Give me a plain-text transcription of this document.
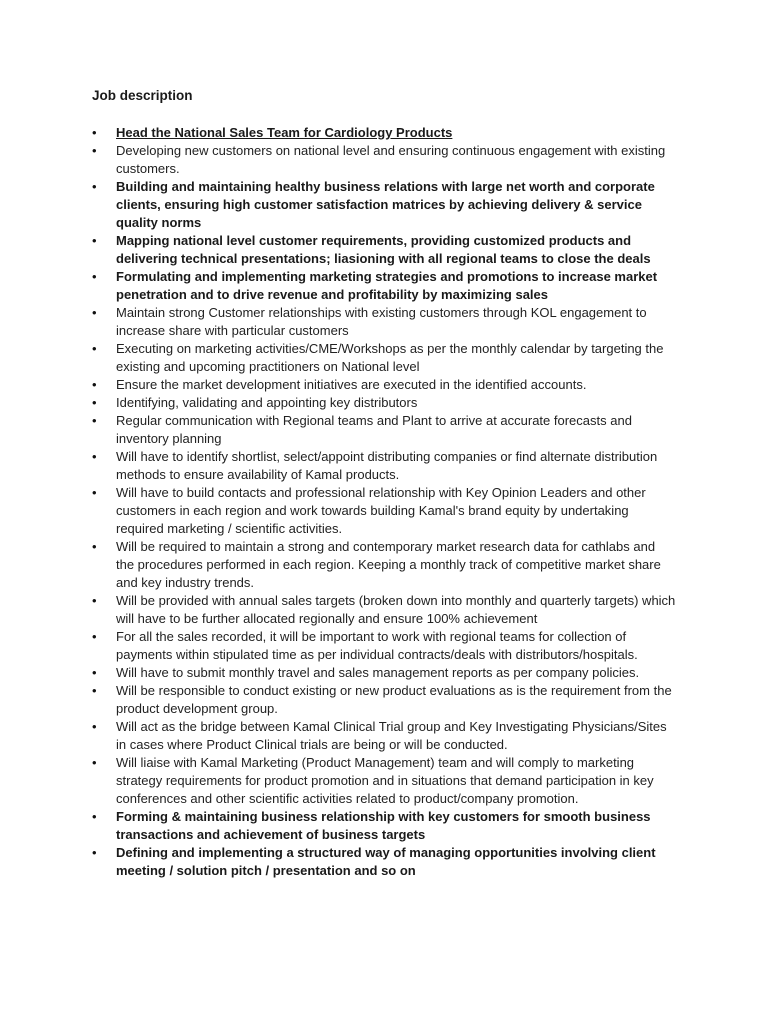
Job description
•	Head the National Sales Team for Cardiology Products
•	Developing new customers on national level and ensuring continuous engagement with existing customers.
•	Building and maintaining healthy business relations with large net worth and corporate clients, ensuring high customer satisfaction matrices by achieving delivery & service quality norms
•	Mapping national level customer requirements, providing customized products and delivering technical presentations; liasioning with all regional teams to close the deals
•	Formulating and implementing marketing strategies and promotions to increase market penetration and to drive revenue and profitability by maximizing sales
•	Maintain strong Customer relationships with existing customers through KOL engagement to increase share with particular customers
•	Executing on marketing activities/CME/Workshops as per the monthly calendar by targeting the existing and upcoming practitioners on National level
•	Ensure the market development initiatives are executed in the identified accounts.
•	Identifying, validating and appointing key distributors
•	Regular communication with Regional teams and Plant to arrive at accurate forecasts and inventory planning
•	Will have to identify shortlist, select/appoint distributing companies or find alternate distribution methods to ensure availability of Kamal products.
•	Will have to build contacts and professional relationship with Key Opinion Leaders and other customers in each region and work towards building Kamal's brand equity by undertaking required marketing / scientific activities.
•	Will be required to maintain a strong and contemporary market research data for cathlabs and the procedures performed in each region. Keeping a monthly track of competitive market share and key industry trends.
•	Will be provided with annual sales targets (broken down into monthly and quarterly targets) which will have to be further allocated regionally and ensure 100% achievement
•	For all the sales recorded, it will be important to work with regional teams for collection of payments within stipulated time as per individual contracts/deals with distributors/hospitals.
•	Will have to submit monthly travel and sales management reports as per company policies.
•	Will be responsible to conduct existing or new product evaluations as is the requirement from the product development group.
•	Will act as the bridge between Kamal Clinical Trial group and Key Investigating Physicians/Sites in cases where Product Clinical trials are being or will be conducted.
•	Will liaise with Kamal Marketing (Product Management) team and will comply to marketing strategy requirements for product promotion and in situations that demand participation in key conferences and other scientific activities related to product/company promotion.
•	Forming & maintaining business relationship with key customers for smooth business transactions and achievement of business targets
•	Defining and implementing a structured way of managing opportunities involving client meeting / solution pitch / presentation and so on
